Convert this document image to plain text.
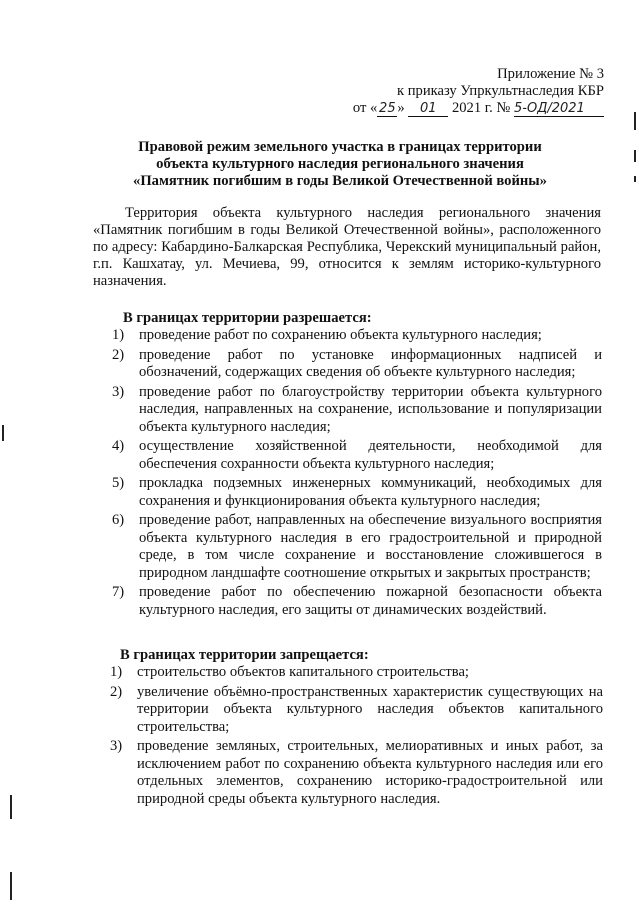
Приложение № 3
к приказу Упркультнаследия КБР
от « 25 » 01 2021 г. № 5-ОД/2021
Правовой режим земельного участка в границах территории
объекта культурного наследия регионального значения
«Памятник погибшим в годы Великой Отечественной войны»
Территория объекта культурного наследия регионального значения «Памятник погибшим в годы Великой Отечественной войны», расположенного по адресу: Кабардино-Балкарская Республика, Черекский муниципальный район, г.п. Кашхатау, ул. Мечиева, 99, относится к землям историко-культурного назначения.
В границах территории разрешается:
1) проведение работ по сохранению объекта культурного наследия;
2) проведение работ по установке информационных надписей и обозначений, содержащих сведения об объекте культурного наследия;
3) проведение работ по благоустройству территории объекта культурного наследия, направленных на сохранение, использование и популяризации объекта культурного наследия;
4) осуществление хозяйственной деятельности, необходимой для обеспечения сохранности объекта культурного наследия;
5) прокладка подземных инженерных коммуникаций, необходимых для сохранения и функционирования объекта культурного наследия;
6) проведение работ, направленных на обеспечение визуального восприятия объекта культурного наследия в его градостроительной и природной среде, в том числе сохранение и восстановление сложившегося в природном ландшафте соотношение открытых и закрытых пространств;
7) проведение работ по обеспечению пожарной безопасности объекта культурного наследия, его защиты от динамических воздействий.
В границах территории запрещается:
1) строительство объектов капитального строительства;
2) увеличение объёмно-пространственных характеристик существующих на территории объекта культурного наследия объектов капитального строительства;
3) проведение земляных, строительных, мелиоративных и иных работ, за исключением работ по сохранению объекта культурного наследия или его отдельных элементов, сохранению историко-градостроительной или природной среды объекта культурного наследия.
